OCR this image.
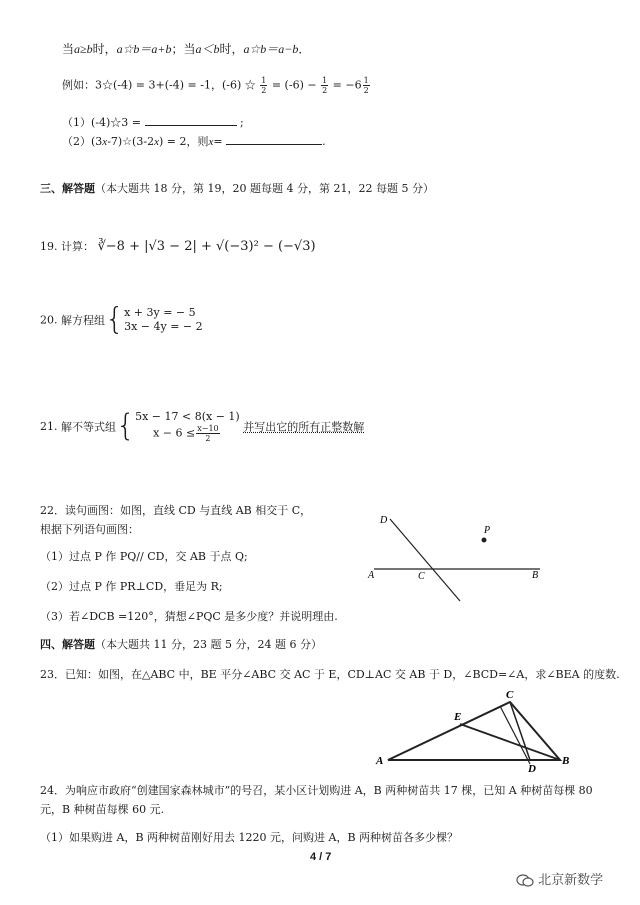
当a≥b时，a☆b＝a+b；当a＜b时，a☆b＝a−b．
例如：3☆(-4) = 3+(-4) = -1，(-6) ☆ $\frac{1}{2} = (-6) - \frac{1}{2} = -6 \frac{1}{2}$
（1）(-4)☆3 =	;
（2）(3x-7)☆(3-2x) = 2，则x=	.
三、解答题（本大题共 18 分，第 19，20 题每题 4 分，第 21，22 每题 5 分）
19. 计算： ∛−8 + |√3 − 2| + √(−3)² − (−√3)
20. 解方程组{ x + 3y = − 5
3x − 4y = − 2
21. 解不等式组{ 5x − 17 < 8(x − 1)
$x - 6 \le \frac{x-10}{2}$ 并写出它的所有正整数解
22．读句画图：如图，直线 CD 与直线 AB 相交于 C，
根据下列语句画图：
（1）过点 P 作 PQ// CD，交 AB 于点 Q;
（2）过点 P 作 PR⊥CD，垂足为 R;
（3）若∠DCB =120°，猜想∠PQC 是多少度？并说明理由.
D
P
A	C	B
四、解答题（本大题共 11 分，23 题 5 分，24 题 6 分）
23．已知：如图，在△ABC 中，BE 平分∠ABC 交 AC 于 E，CD⊥AC 交 AB 于 D，∠BCD=∠A，求∠BEA 的度数.
C
E
A
D
B
24．为响应市政府“创建国家森林城市”的号召，某小区计划购进 A，B 两种树苗共 17 棵，已知 A 种树苗每棵 80
元，B 种树苗每棵 60 元.
（1）如果购进 A，B 两种树苗刚好用去 1220 元，问购进 A，B 两种树苗各多少棵？
4 / 7
北京新数学
